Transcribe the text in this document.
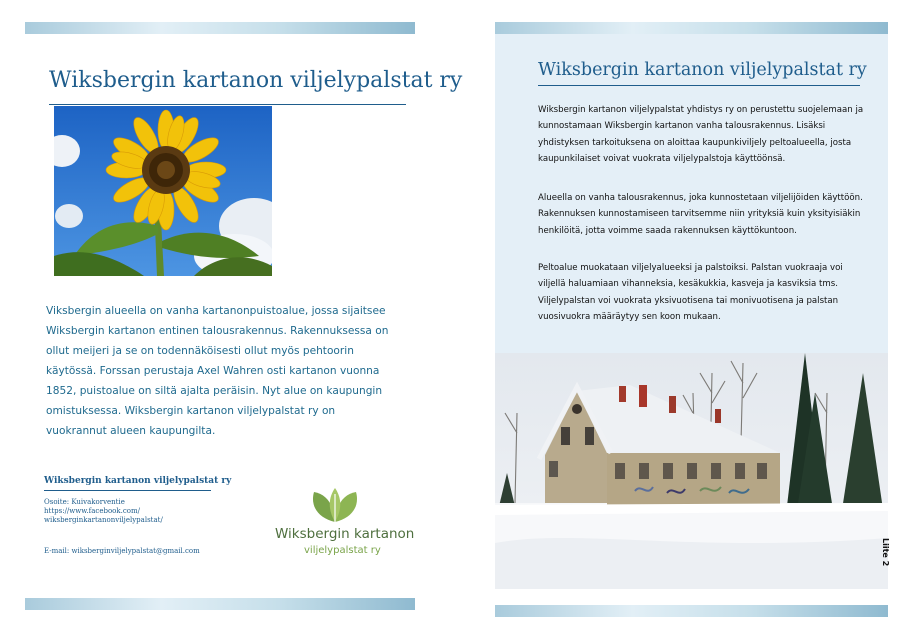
Wiksbergin kartanon viljelypalstat ry

Viksbergin alueella on vanha kartanonpuistoalue, jossa sijaitsee Wiksbergin kartanon entinen talousrakennus. Rakennuksessa on ollut meijeri ja se on todennäköisesti ollut myös pehtoorin käytössä. Forssan perustaja Axel Wahren osti kartanon vuonna 1852, puistoalue on siltä ajalta peräisin. Nyt alue on kaupungin omistuksessa. Wiksbergin kartanon viljelypalstat ry on vuokrannut alueen kaupungilta.

Wiksbergin kartanon viljelypalstat ry

Osoite: Kuivakorventie

https://www.facebook.com/

wiksberginkartanonviljelypalstat/

E-mail: wiksberginviljelypalstat@gmail.com

Wiksbergin kartanon

viljelypalstat ry

Wiksbergin kartanon viljelypalstat ry

Wiksbergin kartanon viljelypalstat yhdistys ry on perustettu suojelemaan ja kunnostamaan Wiksbergin kartanon vanha talousrakennus. Lisäksi yhdistyksen tarkoituksena on aloittaa kaupunkiviljely peltoalueella, josta kaupunkilaiset voivat vuokrata viljelypalstoja käyttöönsä.

Alueella on vanha talousrakennus, joka kunnostetaan viljelijöiden käyttöön. Rakennuksen kunnostamiseen tarvitsemme niin yrityksiä kuin yksityisiäkin henkilöitä, jotta voimme saada rakennuksen käyttökuntoon.

Peltoalue muokataan viljelyalueeksi ja palstoiksi. Palstan vuokraaja voi viljellä haluamiaan vihanneksia, kesäkukkia, kasveja ja kasviksia tms. Viljelypalstan voi vuokrata yksivuotisena tai monivuotisena ja palstan vuosivuokra määräytyy sen koon mukaan.

Liite 2
